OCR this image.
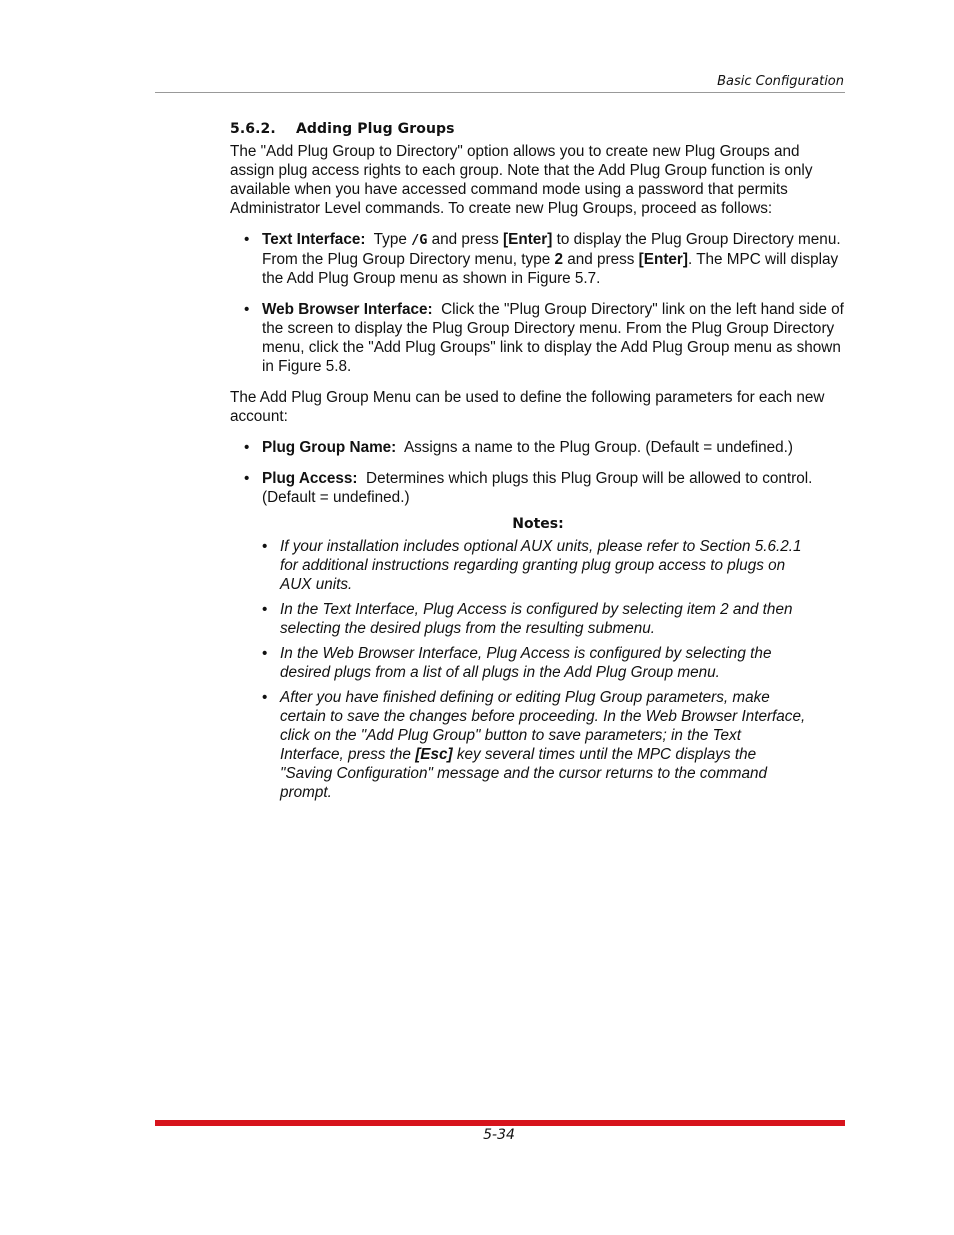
Basic Configuration
5.6.2. Adding Plug Groups

The "Add Plug Group to Directory" option allows you to create new Plug Groups and assign plug access rights to each group. Note that the Add Plug Group function is only available when you have accessed command mode using a password that permits Administrator Level commands. To create new Plug Groups, proceed as follows:

• Text Interface: Type /G and press [Enter] to display the Plug Group Directory menu. From the Plug Group Directory menu, type 2 and press [Enter]. The MPC will display the Add Plug Group menu as shown in Figure 5.7.
• Web Browser Interface: Click the "Plug Group Directory" link on the left hand side of the screen to display the Plug Group Directory menu. From the Plug Group Directory menu, click the "Add Plug Groups" link to display the Add Plug Group menu as shown in Figure 5.8.

The Add Plug Group Menu can be used to define the following parameters for each new account:

• Plug Group Name: Assigns a name to the Plug Group. (Default = undefined.)
• Plug Access: Determines which plugs this Plug Group will be allowed to control. (Default = undefined.)
Notes:
• If your installation includes optional AUX units, please refer to Section 5.6.2.1 for additional instructions regarding granting plug group access to plugs on AUX units.
• In the Text Interface, Plug Access is configured by selecting item 2 and then selecting the desired plugs from the resulting submenu.
• In the Web Browser Interface, Plug Access is configured by selecting the desired plugs from a list of all plugs in the Add Plug Group menu.
• After you have finished defining or editing Plug Group parameters, make certain to save the changes before proceeding. In the Web Browser Interface, click on the "Add Plug Group" button to save parameters; in the Text Interface, press the [Esc] key several times until the MPC displays the "Saving Configuration" message and the cursor returns to the command prompt.
5-34
